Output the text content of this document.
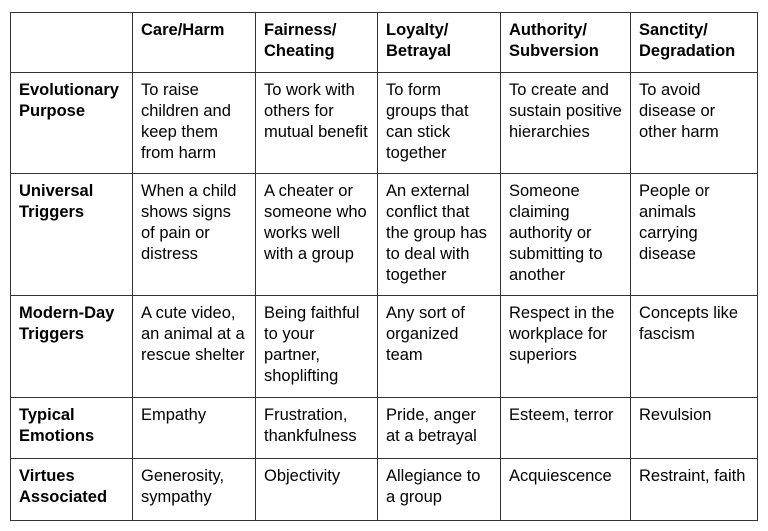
	Care/Harm	Fairness/ Cheating	Loyalty/ Betrayal	Authority/ Subversion	Sanctity/ Degradation
Evolutionary Purpose	To raise children and keep them from harm	To work with others for mutual benefit	To form groups that can stick together	To create and sustain positive hierarchies	To avoid disease or other harm
Universal Triggers	When a child shows signs of pain or distress	A cheater or someone who works well with a group	An external conflict that the group has to deal with together	Someone claiming authority or submitting to another	People or animals carrying disease
Modern-Day Triggers	A cute video, an animal at a rescue shelter	Being faithful to your partner, shoplifting	Any sort of organized team	Respect in the workplace for superiors	Concepts like fascism
Typical Emotions	Empathy	Frustration, thankfulness	Pride, anger at a betrayal	Esteem, terror	Revulsion
Virtues Associated	Generosity, sympathy	Objectivity	Allegiance to a group	Acquiescence	Restraint, faith
